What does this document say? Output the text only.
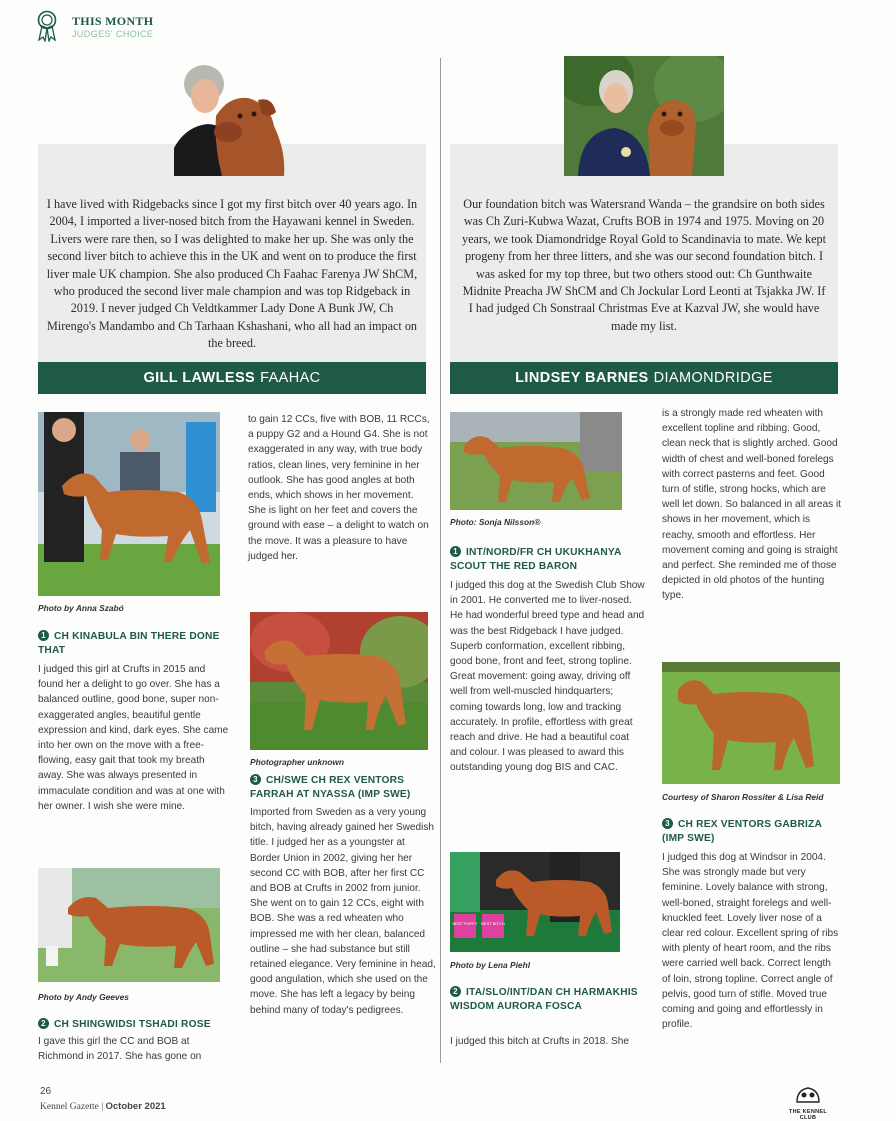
THIS MONTH
JUDGES' CHOICE
I have lived with Ridgebacks since I got my first bitch over 40 years ago. In 2004, I imported a liver-nosed bitch from the Hayawani kennel in Sweden. Livers were rare then, so I was delighted to make her up. She was only the second liver bitch to achieve this in the UK and went on to produce the first liver male UK champion. She also produced Ch Faahac Farenya JW ShCM, who produced the second liver male champion and was top Ridgeback in 2019. I never judged Ch Veldtkammer Lady Done A Bunk JW, Ch Mirengo's Mandambo and Ch Tarhaan Kshashani, who all had an impact on the breed.
GILL LAWLESS FAAHAC
Our foundation bitch was Watersrand Wanda – the grandsire on both sides was Ch Zuri-Kubwa Wazat, Crufts BOB in 1974 and 1975. Moving on 20 years, we took Diamondridge Royal Gold to Scandinavia to mate. We kept progeny from her three litters, and she was our second foundation bitch. I was asked for my top three, but two others stood out: Ch Gunthwaite Midnite Preacha JW ShCM and Ch Jockular Lord Leonti at Tsjakka JW. If I had judged Ch Sonstraal Christmas Eve at Kazval JW, she would have made my list.
LINDSEY BARNES DIAMONDRIDGE
Photo by Anna Szabó
1 CH KINABULA BIN THERE DONE THAT
I judged this girl at Crufts in 2015 and found her a delight to go over. She has a balanced outline, good bone, super non-exaggerated angles, beautiful gentle expression and kind, dark eyes. She came into her own on the move with a free-flowing, easy gait that took my breath away. She was always presented in immaculate condition and was at one with her owner. I wish she were mine.
Photo by Andy Geeves
2 CH SHINGWIDSI TSHADI ROSE
I gave this girl the CC and BOB at Richmond in 2017. She has gone on
to gain 12 CCs, five with BOB, 11 RCCs, a puppy G2 and a Hound G4. She is not exaggerated in any way, with true body ratios, clean lines, very feminine in her outlook. She has good angles at both ends, which shows in her movement. She is light on her feet and covers the ground with ease – a delight to watch on the move. It was a pleasure to have judged her.
Photographer unknown
3 CH/SWE CH REX VENTORS FARRAH AT NYASSA (IMP SWE)
Imported from Sweden as a very young bitch, having already gained her Swedish title. I judged her as a youngster at Border Union in 2002, giving her her second CC with BOB, after her first CC and BOB at Crufts in 2002 from junior. She went on to gain 12 CCs, eight with BOB. She was a red wheaten who impressed me with her clean, balanced outline – she had substance but still retained elegance. Very feminine in head, good angulation, which she used on the move. She has left a legacy by being behind many of today's pedigrees.
Photo: Sonja Nilsson®
1 INT/NORD/FR CH UKUKHANYA SCOUT THE RED BARON
I judged this dog at the Swedish Club Show in 2001. He converted me to liver-nosed. He had wonderful breed type and head and was the best Ridgeback I have judged. Superb conformation, excellent ribbing, good bone, front and feet, strong topline. Great movement: going away, driving off well from well-muscled hindquarters; coming towards long, low and tracking accurately. In profile, effortless with great reach and drive. He had a beautiful coat and colour. I was pleased to award this outstanding young dog BIS and CAC.
BEST PUPPY BEST BITCH
Photo by Lena Piehl
2 ITA/SLO/INT/DAN CH HARMAKHIS WISDOM AURORA FOSCA
I judged this bitch at Crufts in 2018. She
is a strongly made red wheaten with excellent topline and ribbing. Good, clean neck that is slightly arched. Good width of chest and well-boned forelegs with correct pasterns and feet. Good turn of stifle, strong hocks, which are well let down. So balanced in all areas it shows in her movement, which is reachy, smooth and effortless. Her movement coming and going is straight and perfect. She reminded me of those depicted in old photos of the hunting type.
Courtesy of Sharon Rossiter & Lisa Reid
3 CH REX VENTORS GABRIZA (IMP SWE)
I judged this dog at Windsor in 2004. She was strongly made but very feminine. Lovely balance with strong, well-boned, straight forelegs and well-knuckled feet. Lovely liver nose of a clear red colour. Excellent spring of ribs with plenty of heart room, and the ribs were carried well back. Correct length of loin, strong topline. Correct angle of pelvis, good turn of stifle. Moved true coming and going and effortlessly in profile.
26
Kennel Gazette | October 2021	THE KENNEL CLUB
